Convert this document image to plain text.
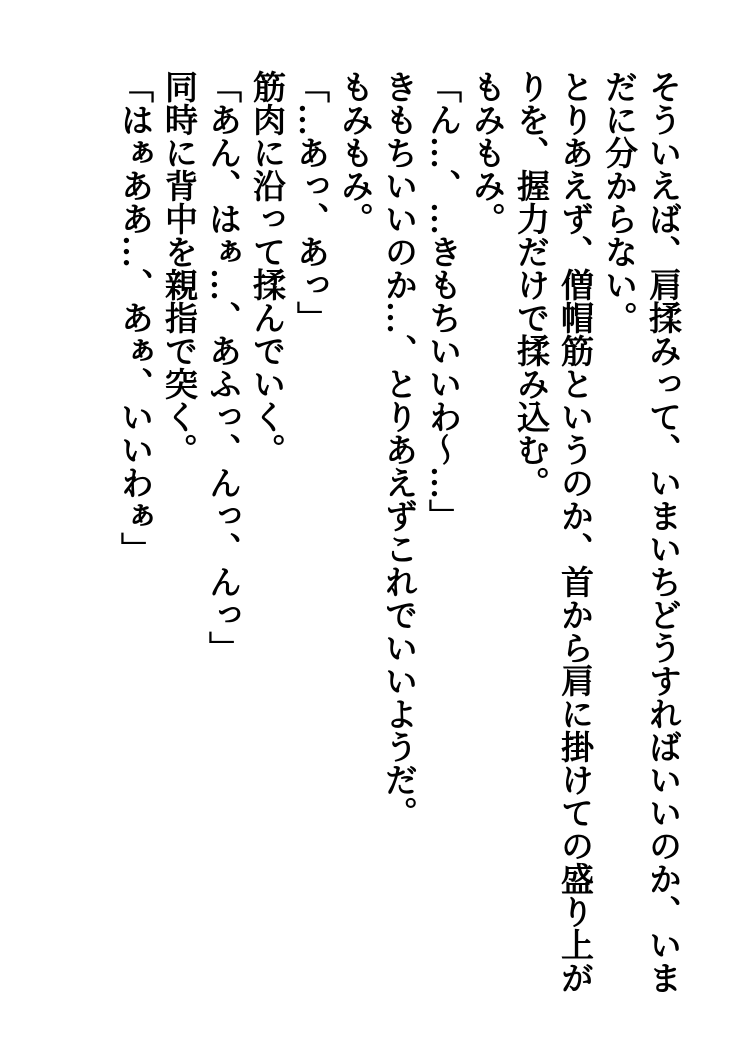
そういえば、肩揉みって、いまいちどうすればいいのか、いまだに分からない。

とりあえず、僧帽筋というのか、首から肩に掛けての盛り上がりを、握力だけで揉み込む。

もみもみ。

「ん…、…きもちいいわ〜…」

きもちいいのか…、とりあえずこれでいいようだ。

もみもみ。

「…あっ、あっ」

筋肉に沿って揉んでいく。

「あん、はぁ…、あふっ、んっ、んっ」

同時に背中を親指で突く。

「はぁああ…、あぁ、いいわぁ」
